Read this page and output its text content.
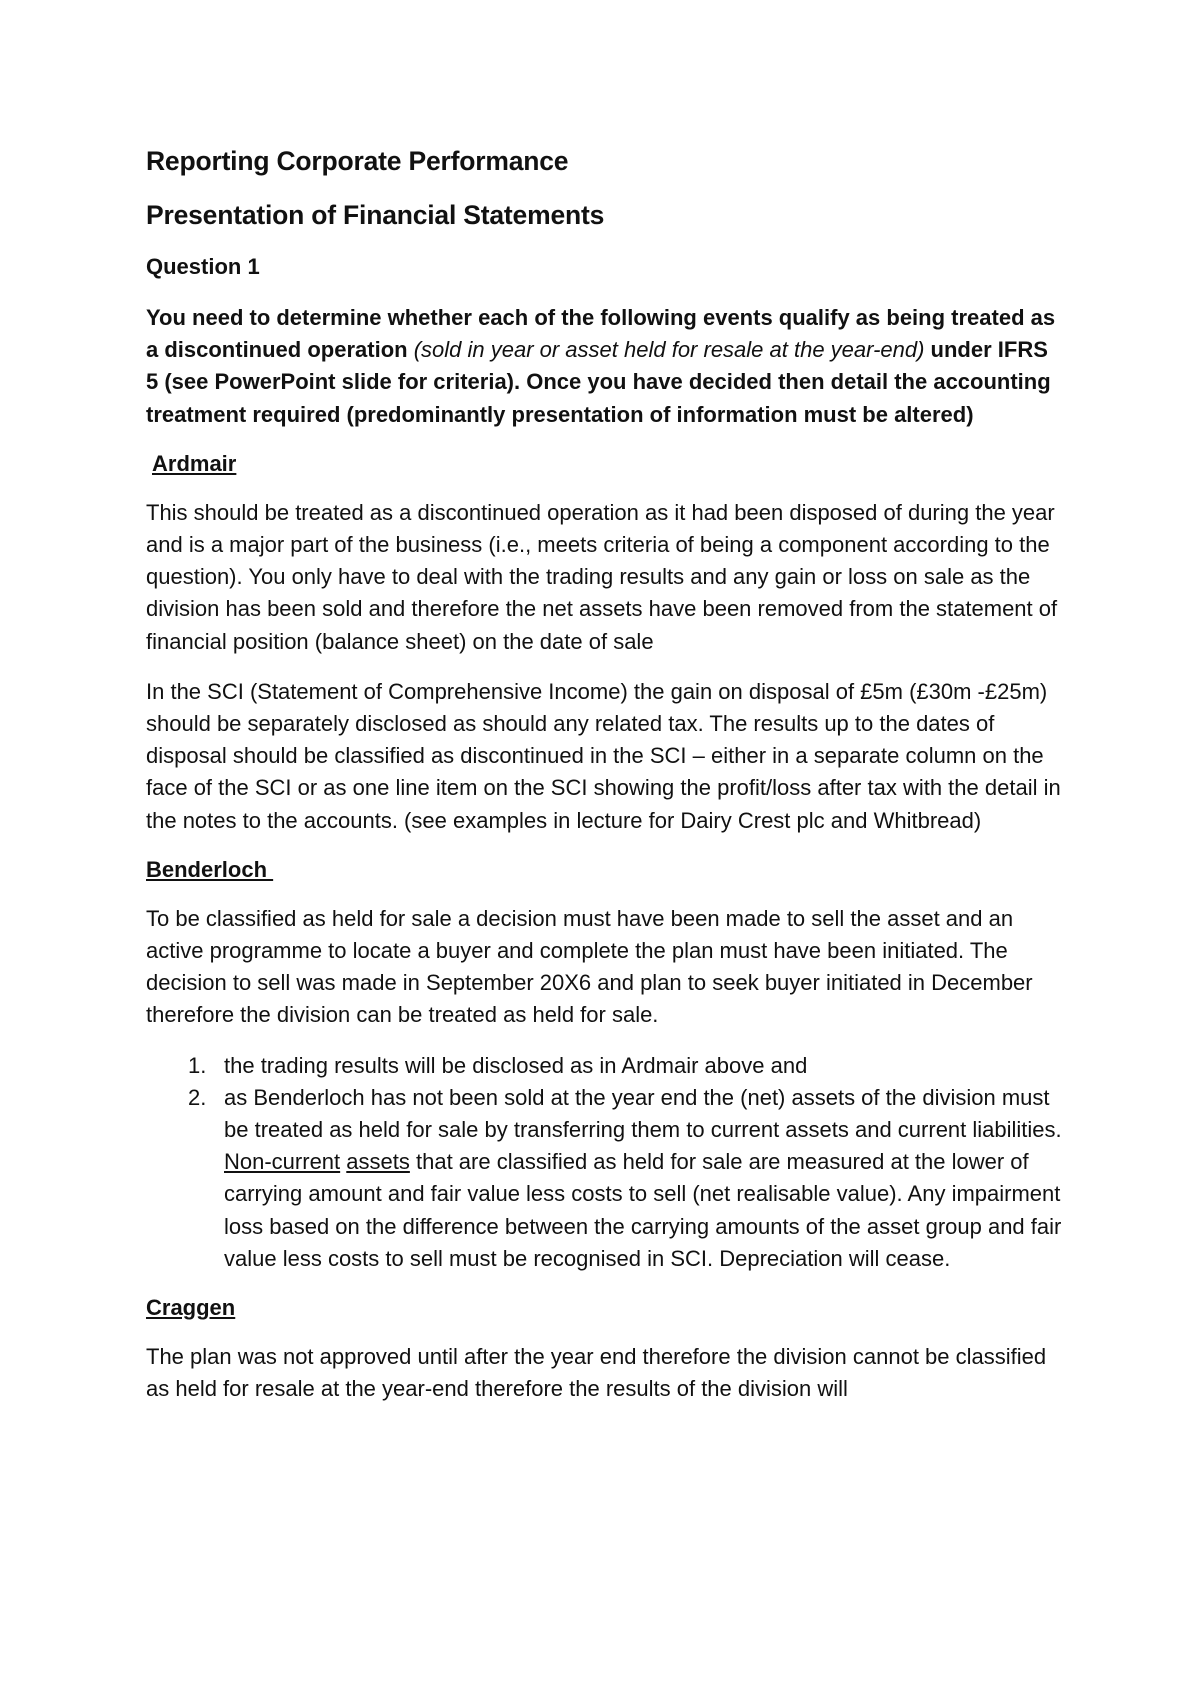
Reporting Corporate Performance
Presentation of Financial Statements
Question 1

You need to determine whether each of the following events qualify as being treated as a discontinued operation (sold in year or asset held for resale at the year-end) under IFRS 5 (see PowerPoint slide for criteria). Once you have decided then detail the accounting treatment required (predominantly presentation of information must be altered)

Ardmair

This should be treated as a discontinued operation as it had been disposed of during the year and is a major part of the business (i.e., meets criteria of being a component according to the question). You only have to deal with the trading results and any gain or loss on sale as the division has been sold and therefore the net assets have been removed from the statement of financial position (balance sheet) on the date of sale

In the SCI (Statement of Comprehensive Income) the gain on disposal of £5m (£30m -£25m) should be separately disclosed as should any related tax. The results up to the dates of disposal should be classified as discontinued in the SCI – either in a separate column on the face of the SCI or as one line item on the SCI showing the profit/loss after tax with the detail in the notes to the accounts. (see examples in lecture for Dairy Crest plc and Whitbread)

Benderloch

To be classified as held for sale a decision must have been made to sell the asset and an active programme to locate a buyer and complete the plan must have been initiated. The decision to sell was made in September 20X6 and plan to seek buyer initiated in December therefore the division can be treated as held for sale.

1. the trading results will be disclosed as in Ardmair above and
2. as Benderloch has not been sold at the year end the (net) assets of the division must be treated as held for sale by transferring them to current assets and current liabilities. Non-current assets that are classified as held for sale are measured at the lower of carrying amount and fair value less costs to sell (net realisable value). Any impairment loss based on the difference between the carrying amounts of the asset group and fair value less costs to sell must be recognised in SCI. Depreciation will cease.
Craggen

The plan was not approved until after the year end therefore the division cannot be classified as held for resale at the year-end therefore the results of the division will
